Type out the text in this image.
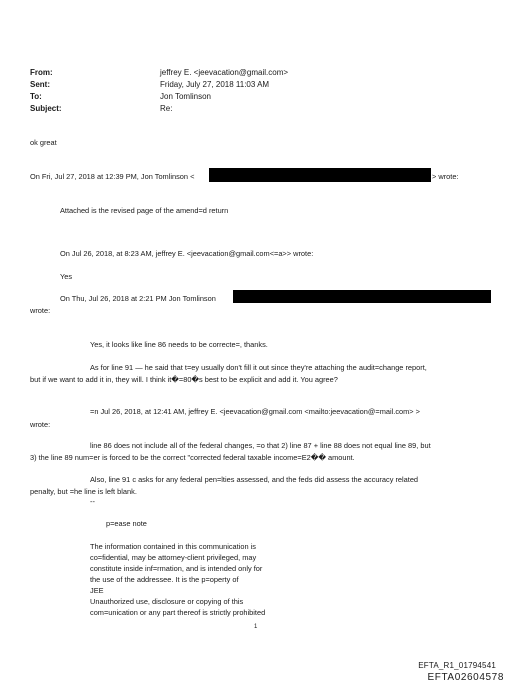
From:	jeffrey E. <jeevacation@gmail.com>
Sent:	Friday, July 27, 2018 11:03 AM
To:	Jon Tomlinson
Subject:	Re:
ok great
On Fri, Jul 27, 2018 at 12:39 PM, Jon Tomlinson <	> wrote:
Attached is the revised page of the amend=d return
On Jul 26, 2018, at 8:23 AM, jeffrey E. <jeevacation@gmail.com<=a>> wrote:
Yes
On Thu, Jul 26, 2018 at 2:21 PM Jon Tomlinson
wrote:
Yes, it looks like line 86 needs to be correcte=, thanks.
As for line 91 — he said that t=ey usually don't fill it out since they're attaching the audit=change report,
but if we want to add it in, they will. I think it�=80�s best to be explicit and add it. You agree?
=n Jul 26, 2018, at 12:41 AM, jeffrey E. <jeevacation@gmail.com <mailto:jeevacation@=mail.com> >
wrote:
line 86 does not include all of the federal changes, =o that 2) line 87 + line 88 does not equal line 89, but
3) the line 89 num=er is forced to be the correct "corrected federal taxable income=E2�� amount.
Also, line 91 c asks for any federal pen=lties assessed, and the feds did assess the accuracy related
penalty, but =he line is left blank.
--
p=ease note
The information contained in this communication is
co=fidential, may be attorney-client privileged, may
constitute inside inf=rmation, and is intended only for
the use of the addressee. It is the p=operty of
JEE
Unauthorized use, disclosure or copying of this
com=unication or any part thereof is strictly prohibited
1
EFTA_R1_01794541
EFTA02604578
